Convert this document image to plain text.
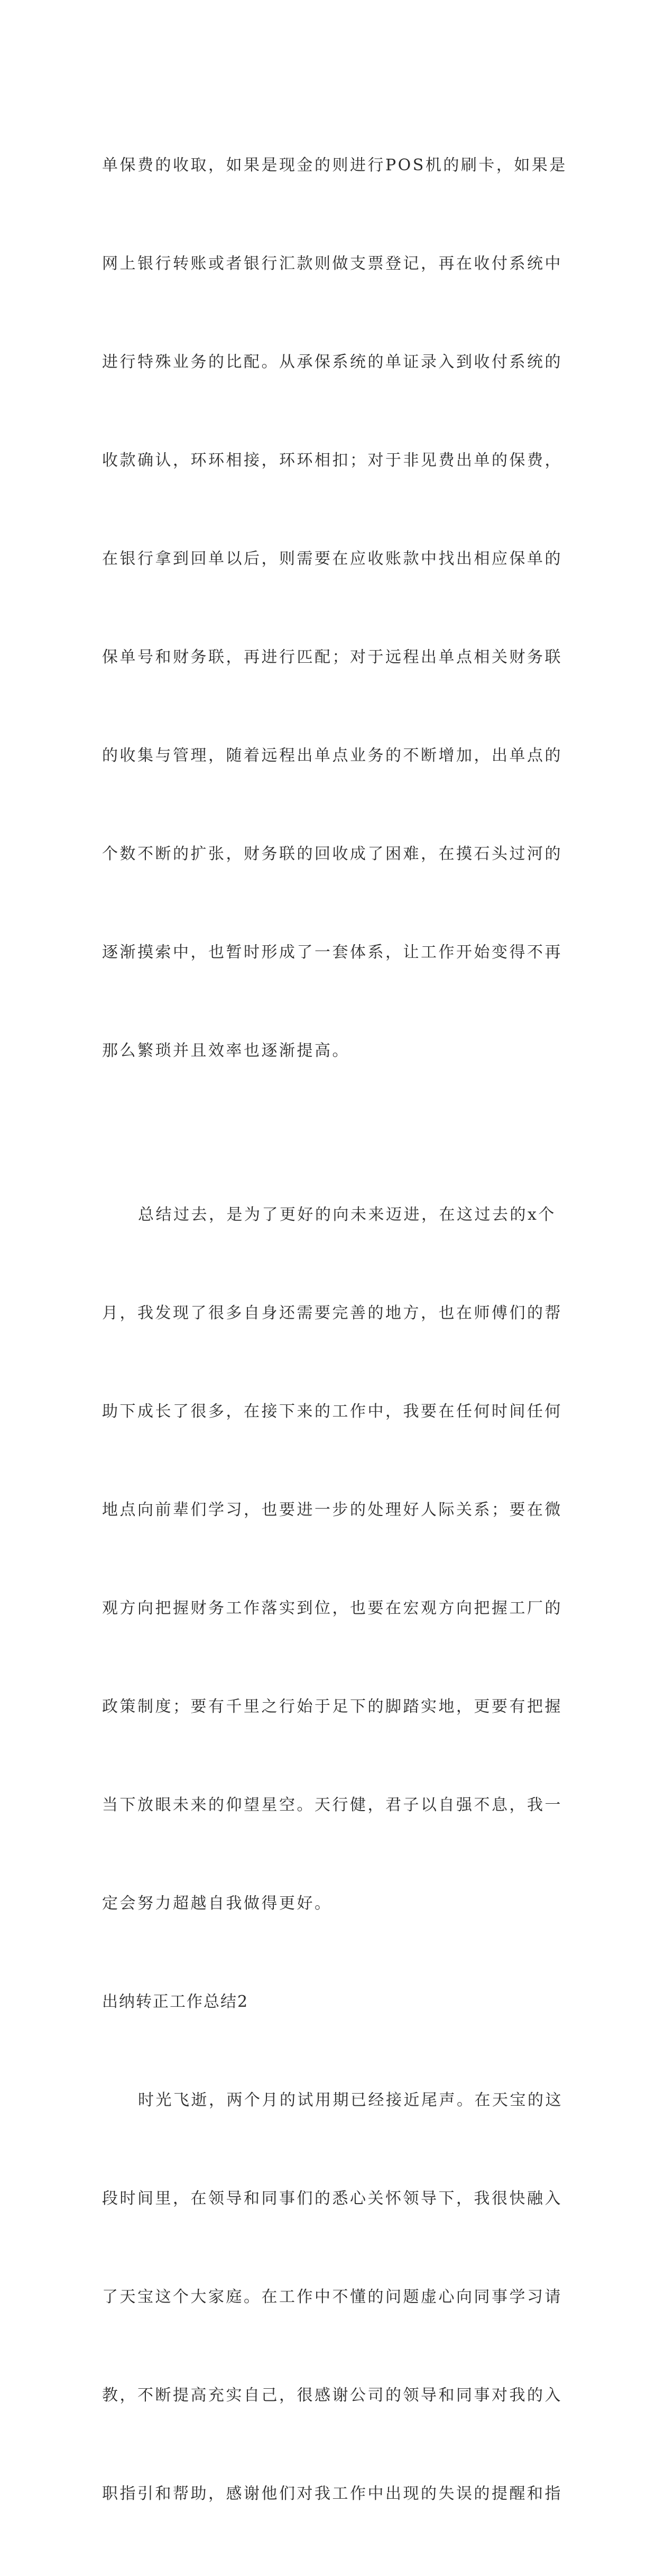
单保费的收取，如果是现金的则进行POS机的刷卡，如果是

网上银行转账或者银行汇款则做支票登记，再在收付系统中

进行特殊业务的比配。从承保系统的单证录入到收付系统的

收款确认，环环相接，环环相扣；对于非见费出单的保费，

在银行拿到回单以后，则需要在应收账款中找出相应保单的

保单号和财务联，再进行匹配；对于远程出单点相关财务联

的收集与管理，随着远程出单点业务的不断增加，出单点的

个数不断的扩张，财务联的回收成了困难，在摸石头过河的

逐渐摸索中，也暂时形成了一套体系，让工作开始变得不再

那么繁琐并且效率也逐渐提高。

总结过去，是为了更好的向未来迈进，在这过去的x个

月，我发现了很多自身还需要完善的地方，也在师傅们的帮

助下成长了很多，在接下来的工作中，我要在任何时间任何

地点向前辈们学习，也要进一步的处理好人际关系；要在微

观方向把握财务工作落实到位，也要在宏观方向把握工厂的

政策制度；要有千里之行始于足下的脚踏实地，更要有把握

当下放眼未来的仰望星空。天行健，君子以自强不息，我一

定会努力超越自我做得更好。

出纳转正工作总结2

时光飞逝，两个月的试用期已经接近尾声。在天宝的这

段时间里，在领导和同事们的悉心关怀领导下，我很快融入

了天宝这个大家庭。在工作中不懂的问题虚心向同事学习请

教，不断提高充实自己，很感谢公司的领导和同事对我的入

职指引和帮助，感谢他们对我工作中出现的失误的提醒和指
